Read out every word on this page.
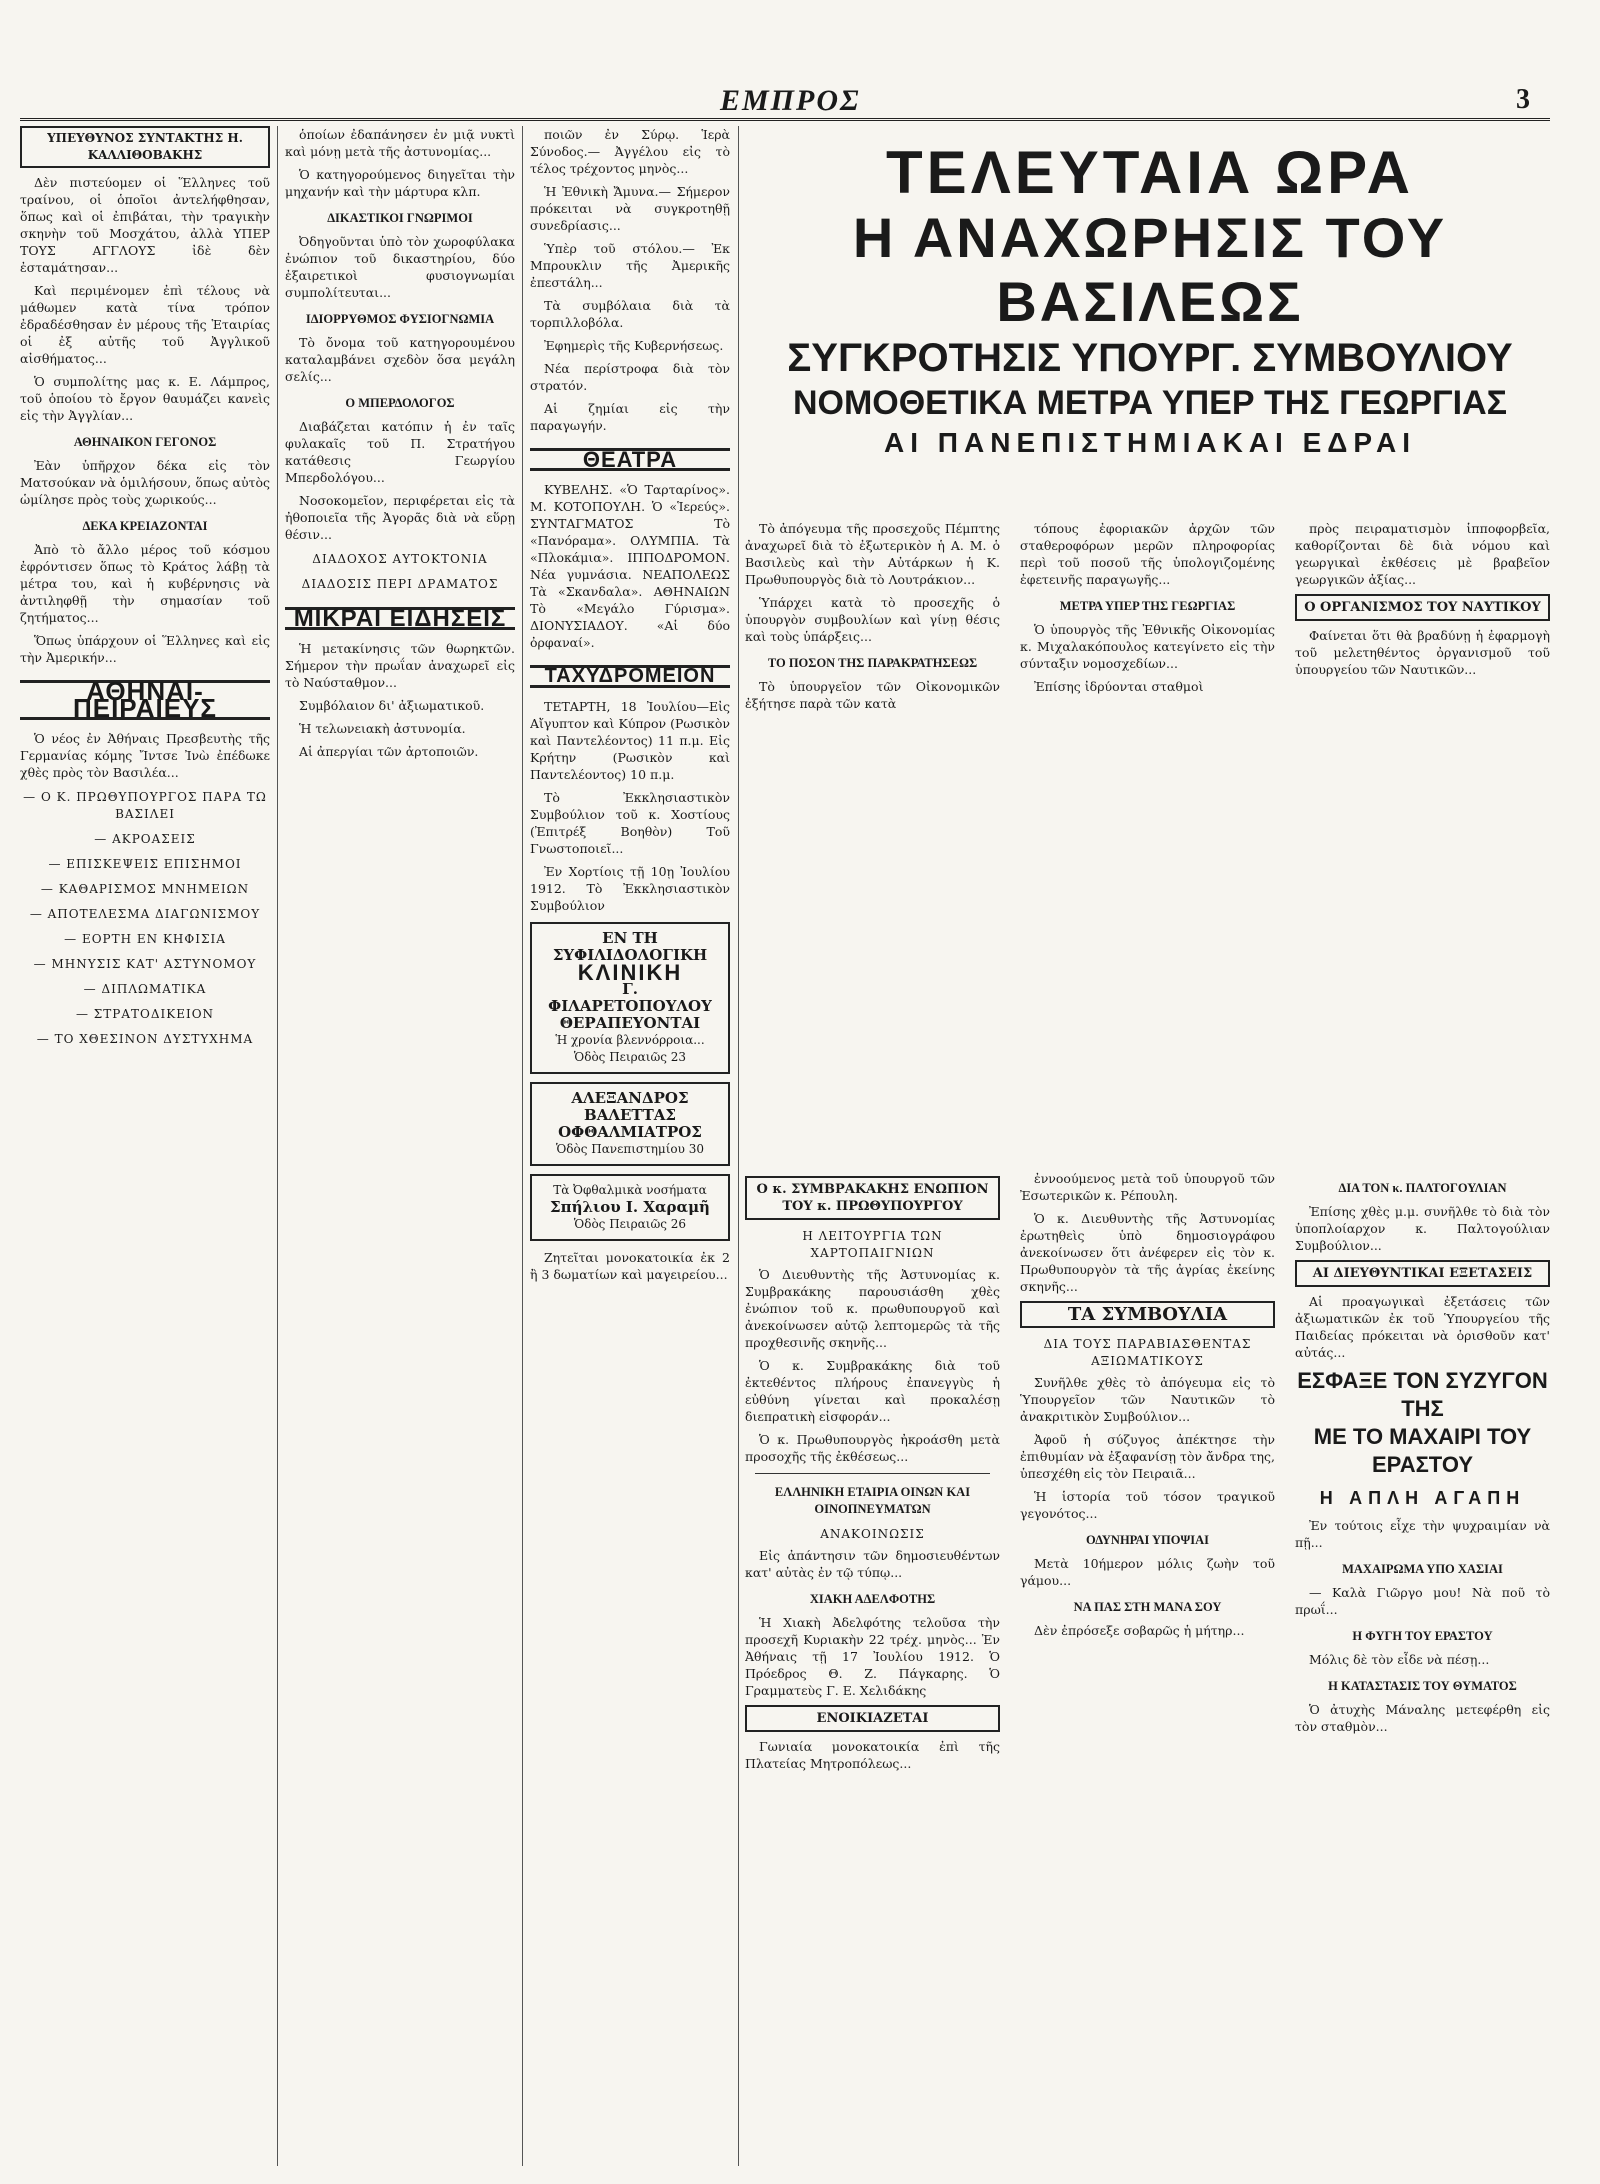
ΕΜΠΡΟΣ	3
ΥΠΕΥΘΥΝΟΣ ΣΥΝΤΑΚΤΗΣ Η. ΚΑΛΛΙΘΟΒΑΚΗΣ

Δὲν πιστεύομεν οἱ Ἕλληνες τοῦ τραίνου, οἱ ὁποῖοι ἀντελήφθησαν, ὅπως καὶ οἱ ἐπιβάται, τὴν τραγικὴν σκηνὴν τοῦ Μοσχάτου, ἀλλὰ ΥΠΕΡ ΤΟΥΣ ΑΓΓΛΟΥΣ ἰδὲ δὲν ἐσταμάτησαν...

Καὶ περιμένομεν ἐπὶ τέλους νὰ μάθωμεν κατὰ τίνα τρόπον ἐδραδέσθησαν ἐν μέρους τῆς Ἑταιρίας οἱ ἐξ αὐτῆς τοῦ Ἀγγλικοῦ αἰσθήματος...

Ὁ συμπολίτης μας κ. Ε. Λάμπρος, τοῦ ὁποίου τὸ ἔργον θαυμάζει κανεὶς εἰς τὴν Ἀγγλίαν...

ΑΘΗΝΑΙΚΟΝ ΓΕΓΟΝΟΣ

Ἐὰν ὑπῆρχον δέκα εἰς τὸν Ματσούκαν νὰ ὁμιλήσουν, ὅπως αὐτὸς ὡμίλησε πρὸς τοὺς χωρικούς...

ΔΕΚΑ ΚΡΕΙΑΖΟΝΤΑΙ

Ἀπὸ τὸ ἄλλο μέρος τοῦ κόσμου ἐφρόντισεν ὅπως τὸ Κράτος λάβῃ τὰ μέτρα του, καὶ ἡ κυβέρνησις νὰ ἀντιληφθῇ τὴν σημασίαν τοῦ ζητήματος...

Ὅπως ὑπάρχουν οἱ Ἕλληνες καὶ εἰς τὴν Ἀμερικήν...

ΑΘΗΝΑΙ-ΠΕΙΡΑΙΕΥΣ

Ὁ νέος ἐν Ἀθήναις Πρεσβευτὴς τῆς Γερμανίας κόμης Ἴντσε Ἰνὼ ἐπέδωκε χθὲς πρὸς τὸν Βασιλέα...

— Ο Κ. ΠΡΩΘΥΠΟΥΡΓΟΣ ΠΑΡΑ ΤΩ ΒΑΣΙΛΕΙ
— ΑΚΡΟΑΣΕΙΣ
— ΕΠΙΣΚΕΨΕΙΣ ΕΠΙΣΗΜΟΙ
— ΚΑΘΑΡΙΣΜΟΣ ΜΝΗΜΕΙΩΝ
— ΑΠΟΤΕΛΕΣΜΑ ΔΙΑΓΩΝΙΣΜΟΥ
— ΕΟΡΤΗ ΕΝ ΚΗΦΙΣΙΑ
— ΜΗΝΥΣΙΣ ΚΑΤ' ΑΣΤΥΝΟΜΟΥ
— ΔΙΠΛΩΜΑΤΙΚΑ
— ΣΤΡΑΤΟΔΙΚΕΙΟΝ
— ΤΟ ΧΘΕΣΙΝΟΝ ΔΥΣΤΥΧΗΜΑ

ὁποίων ἐδαπάνησεν ἐν μιᾷ νυκτὶ καὶ μόνῃ μετὰ τῆς ἀστυνομίας...

Ὁ κατηγορούμενος διηγεῖται τὴν μηχανήν καὶ τὴν μάρτυρα κλπ.

ΔΙΚΑΣΤΙΚΟΙ ΓΝΩΡΙΜΟΙ

Ὀδηγοῦνται ὑπὸ τὸν χωροφύλακα ἐνώπιον τοῦ δικαστηρίου, δύο ἐξαιρετικοὶ φυσιογνωμίαι συμπολίτευται...

ΙΔΙΟΡΡΥΘΜΟΣ ΦΥΣΙΟΓΝΩΜΙΑ

Τὸ ὄνομα τοῦ κατηγορουμένου καταλαμβάνει σχεδὸν ὅσα μεγάλη σελίς...

Ο ΜΠΕΡΔΟΛΟΓΟΣ

Διαβάζεται κατόπιν ἡ ἐν ταῖς φυλακαῖς τοῦ Π. Στρατήγου κατάθεσις Γεωργίου Μπερδολόγου...

Νοσοκομεῖον, περιφέρεται εἰς τὰ ἠθοποιεῖα τῆς Ἀγορᾶς διὰ νὰ εὕρῃ θέσιν...

ΔΙΑΔΟΧΟΣ ΑΥΤΟΚΤΟΝΙΑ
ΔΙΑΔΟΣΙΣ ΠΕΡΙ ΔΡΑΜΑΤΟΣ
ΜΙΚΡΑΙ ΕΙΔΗΣΕΙΣ

Ἡ μετακίνησις τῶν θωρηκτῶν. Σήμερον τὴν πρωΐαν ἀναχωρεῖ εἰς τὸ Ναύσταθμον...

Συμβόλαιον δι' ἀξιωματικοῦ.

Ἡ τελωνειακὴ ἀστυνομία.

Αἱ ἀπεργίαι τῶν ἀρτοποιῶν.

ποιῶν ἐν Σύρῳ. Ἱερὰ Σύνοδος.— Ἀγγέλου εἰς τὸ τέλος τρέχοντος μηνὸς...

Ἡ Ἐθνικὴ Ἄμυνα.— Σήμερον πρόκειται νὰ συγκροτηθῇ συνεδρίασις...

Ὑπὲρ τοῦ στόλου.— Ἐκ Μπρουκλιν τῆς Ἀμερικῆς ἐπεστάλη...

Τὰ συμβόλαια διὰ τὰ τορπιλλοβόλα.

Ἐφημερὶς τῆς Κυβερνήσεως.

Νέα περίστροφα διὰ τὸν στρατόν.

Αἱ ζημίαι εἰς τὴν παραγωγήν.

ΘΕΑΤΡΑ

ΚΥΒΕΛΗΣ. «Ὁ Ταρταρίνος». Μ. ΚΟΤΟΠΟΥΛΗ. Ὁ «Ἱερεύς». ΣΥΝΤΑΓΜΑΤΟΣ Τὸ «Πανόραμα». ΟΛΥΜΠΙΑ. Τὰ «Πλοκάμια». ΙΠΠΟΔΡΟΜΟΝ. Νέα γυμνάσια. ΝΕΑΠΟΛΕΩΣ Τὰ «Σκανδαλα». ΑΘΗΝΑΙΩΝ Τὸ «Μεγάλο Γύρισμα». ΔΙΟΝΥΣΙΑΔΟΥ. «Αἱ δύο ὀρφαναί».

ΤΑΧΥΔΡΟΜΕΙΟΝ

ΤΕΤΑΡΤΗ, 18 Ἰουλίου—Εἰς Αἴγυπτον καὶ Κύπρον (Ρωσικὸν καὶ Παντελέοντος) 11 π.μ. Εἰς Κρήτην (Ρωσικὸν καὶ Παντελέοντος) 10 π.μ.

Τὸ Ἐκκλησιαστικὸν Συμβούλιον τοῦ κ. Χοστίους (Ἐπιτρέξ Βοηθὸν) Τοῦ Γνωστοποιεῖ...

Ἐν Χορτίοις τῇ 10ῃ Ἰουλίου 1912. Τὸ Ἐκκλησιαστικὸν Συμβούλιον

ΕΝ ΤΗ ΣΥΦΙΛΙΔΟΛΟΓΙΚΗ
ΚΛΙΝΙΚΗ
Γ. ΦΙΛΑΡΕΤΟΠΟΥΛΟΥ
ΘΕΡΑΠΕΥΟΝΤΑΙ
Ἡ χρονία βλεννόρροια... Ὁδὸς Πειραιῶς 23
ΑΛΕΞΑΝΔΡΟΣ ΒΑΛΕΤΤΑΣ
ΟΦΘΑΛΜΙΑΤΡΟΣ
Ὁδὸς Πανεπιστημίου 30
Τὰ Ὀφθαλμικὰ νοσήματα
Σπήλιου Ι. Χαραμῆ
Ὁδὸς Πειραιῶς 26

Ζητεῖται μονοκατοικία ἐκ 2 ἢ 3 δωματίων καὶ μαγειρείου...

ΤΕΛΕΥΤΑΙΑ ΩΡΑ
Η ΑΝΑΧΩΡΗΣΙΣ ΤΟΥ ΒΑΣΙΛΕΩΣ
ΣΥΓΚΡΟΤΗΣΙΣ ΥΠΟΥΡΓ. ΣΥΜΒΟΥΛΙΟΥ
ΝΟΜΟΘΕΤΙΚΑ ΜΕΤΡΑ ΥΠΕΡ ΤΗΣ ΓΕΩΡΓΙΑΣ
ΑΙ ΠΑΝΕΠΙΣΤΗΜΙΑΚΑΙ ΕΔΡΑΙ

Τὸ ἀπόγευμα τῆς προσεχοῦς Πέμπτης ἀναχωρεῖ διὰ τὸ ἐξωτερικὸν ἡ Α. Μ. ὁ Βασιλεὺς καὶ τὴν Αὐτάρκων ἡ Κ. Πρωθυπουργὸς διὰ τὸ Λουτράκιον...

Ὑπάρχει κατὰ τὸ προσεχῆς ὁ ὑπουργὸν συμβουλίων καὶ γίνῃ θέσις καὶ τοὺς ὑπάρξεις...

ΤΟ ΠΟΣΟΝ ΤΗΣ ΠΑΡΑΚΡΑΤΗΣΕΩΣ

Τὸ ὑπουργεῖον τῶν Οἰκονομικῶν ἐξήτησε παρὰ τῶν κατὰ

τόπους ἐφοριακῶν ἀρχῶν τῶν σταθεροφόρων μερῶν πληροφορίας περὶ τοῦ ποσοῦ τῆς ὑπολογιζομένης ἐφετεινῆς παραγωγῆς...

ΜΕΤΡΑ ΥΠΕΡ ΤΗΣ ΓΕΩΡΓΙΑΣ

Ὁ ὑπουργὸς τῆς Ἐθνικῆς Οἰκονομίας κ. Μιχαλακόπουλος κατεγίνετο εἰς τὴν σύνταξιν νομοσχεδίων...

Ἐπίσης ἰδρύονται σταθμοὶ

πρὸς πειραματισμὸν ἱπποφορβεῖα, καθορίζονται δὲ διὰ νόμου καὶ γεωργικαὶ ἐκθέσεις μὲ βραβεῖον γεωργικῶν ἀξίας...

Ο ΟΡΓΑΝΙΣΜΟΣ ΤΟΥ ΝΑΥΤΙΚΟΥ

Φαίνεται ὅτι θὰ βραδύνῃ ἡ ἐφαρμογὴ τοῦ μελετηθέντος ὀργανισμοῦ τοῦ ὑπουργείου τῶν Ναυτικῶν...

Ο κ. ΣΥΜΒΡΑΚΑΚΗΣ ΕΝΩΠΙΟΝ ΤΟΥ κ. ΠΡΩΘΥΠΟΥΡΓΟΥ
Η ΛΕΙΤΟΥΡΓΙΑ ΤΩΝ ΧΑΡΤΟΠΑΙΓΝΙΩΝ

Ὁ Διευθυντὴς τῆς Ἀστυνομίας κ. Συμβρακάκης παρουσιάσθη χθὲς ἐνώπιον τοῦ κ. πρωθυπουργοῦ καὶ ἀνεκοίνωσεν αὐτῷ λεπτομερῶς τὰ τῆς προχθεσινῆς σκηνῆς...

Ὁ κ. Συμβρακάκης διὰ τοῦ ἐκτεθέντος πλήρους ἐπανεγγὺς ἡ εὐθύνη γίνεται καὶ προκαλέσῃ διεπρατικὴ εἰσφοράν...

Ὁ κ. Πρωθυπουργὸς ἠκροάσθη μετὰ προσοχῆς τῆς ἐκθέσεως...

ΕΛΛΗΝΙΚΗ ΕΤΑΙΡΙΑ ΟΙΝΩΝ ΚΑΙ ΟΙΝΟΠΝΕΥΜΑΤΩΝ
ΑΝΑΚΟΙΝΩΣΙΣ

Εἰς ἀπάντησιν τῶν δημοσιευθέντων κατ' αὐτὰς ἐν τῷ τύπῳ...

ΧΙΑΚΗ ΑΔΕΛΦΟΤΗΣ

Ἡ Χιακὴ Ἀδελφότης τελοῦσα τὴν προσεχῆ Κυριακὴν 22 τρέχ. μηνὸς... Ἐν Ἀθήναις τῇ 17 Ἰουλίου 1912. Ὁ Πρόεδρος Θ. Ζ. Πάγκαρης. Ὁ Γραμματεὺς Γ. Ε. Χελιδάκης

ΕΝΟΙΚΙΑΖΕΤΑΙ

Γωνιαία μονοκατοικία ἐπὶ τῆς Πλατείας Μητροπόλεως...

ἐννοούμενος μετὰ τοῦ ὑπουργοῦ τῶν Ἐσωτερικῶν κ. Ρέπουλη.

Ὁ κ. Διευθυντὴς τῆς Ἀστυνομίας ἐρωτηθεὶς ὑπὸ δημοσιογράφου ἀνεκοίνωσεν ὅτι ἀνέφερεν εἰς τὸν κ. Πρωθυπουργὸν τὰ τῆς ἀγρίας ἐκείνης σκηνῆς...

ΤΑ ΣΥΜΒΟΥΛΙΑ
ΔΙΑ ΤΟΥΣ ΠΑΡΑΒΙΑΣΘΕΝΤΑΣ ΑΞΙΩΜΑΤΙΚΟΥΣ

Συνῆλθε χθὲς τὸ ἀπόγευμα εἰς τὸ Ὑπουργεῖον τῶν Ναυτικῶν τὸ ἀνακριτικὸν Συμβούλιον...

Ἀφοῦ ἡ σύζυγος ἀπέκτησε τὴν ἐπιθυμίαν νὰ ἐξαφανίσῃ τὸν ἄνδρα της, ὑπεσχέθη εἰς τὸν Πειραιᾶ...

Ἡ ἱστορία τοῦ τόσον τραγικοῦ γεγονότος...

ΟΔΥΝΗΡΑΙ ΥΠΟΨΙΑΙ

Μετὰ 10ήμερον μόλις ζωὴν τοῦ γάμου...

ΝΑ ΠΑΣ ΣΤΗ ΜΑΝΑ ΣΟΥ

Δὲν ἐπρόσεξε σοβαρῶς ἡ μήτηρ...

ΔΙΑ ΤΟΝ κ. ΠΑΛΤΟΓΟΥΛΙΑΝ

Ἐπίσης χθὲς μ.μ. συνῆλθε τὸ διὰ τὸν ὑποπλοίαρχον κ. Παλτογούλιαν Συμβούλιον...

ΑΙ ΔΙΕΥΘΥΝΤΙΚΑΙ ΕΞΕΤΑΣΕΙΣ

Αἱ προαγωγικαὶ ἐξετάσεις τῶν ἀξιωματικῶν ἐκ τοῦ Ὑπουργείου τῆς Παιδείας πρόκειται νὰ ὁρισθοῦν κατ' αὐτάς...

ΕΣΦΑΞΕ ΤΟΝ ΣΥΖΥΓΟΝ ΤΗΣ
ΜΕ ΤΟ ΜΑΧΑΙΡΙ ΤΟΥ ΕΡΑΣΤΟΥ
Η ΑΠΛΗ ΑΓΑΠΗ

Ἐν τούτοις εἶχε τὴν ψυχραιμίαν νὰ πῇ...

ΜΑΧΑΙΡΩΜΑ ΥΠΟ ΧΑΣΙΑΙ

— Καλὰ Γιῶργο μου! Νὰ ποῦ τὸ πρωΐ...

Η ΦΥΓΗ ΤΟΥ ΕΡΑΣΤΟΥ

Μόλις δὲ τὸν εἶδε νὰ πέσῃ...

Η ΚΑΤΑΣΤΑΣΙΣ ΤΟΥ ΘΥΜΑΤΟΣ

Ὁ ἀτυχὴς Μάναλης μετεφέρθη εἰς τὸν σταθμὸν...
